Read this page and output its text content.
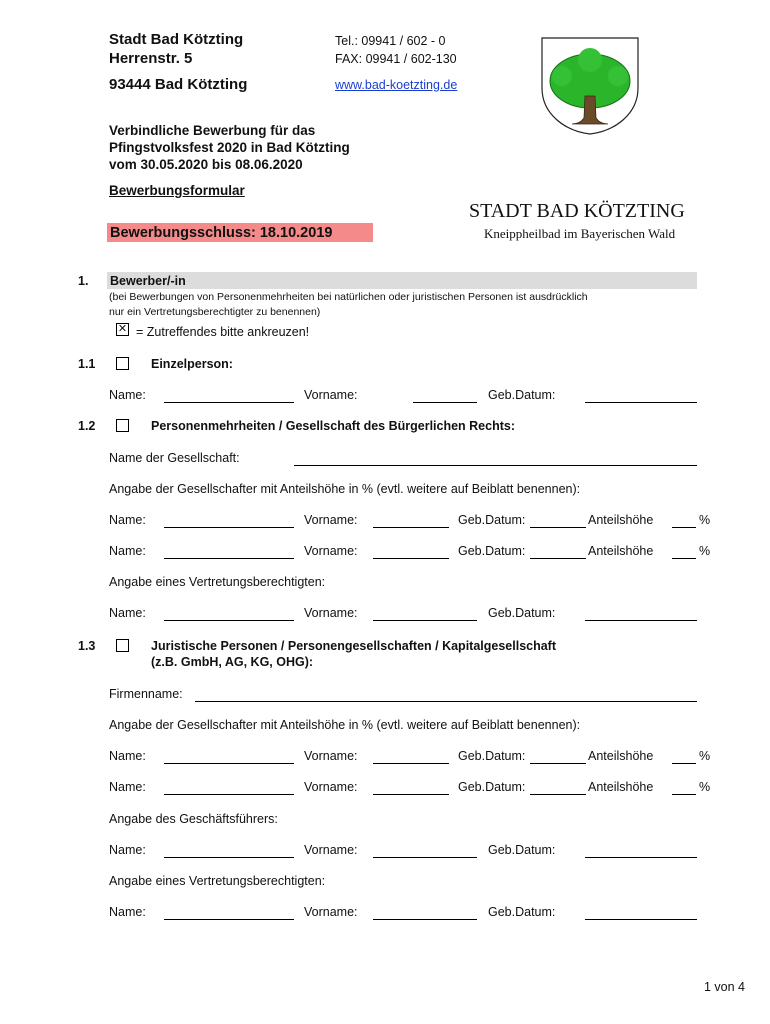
Stadt Bad Kötzting
Herrenstr. 5
93444 Bad Kötzting
Tel.: 09941 / 602 - 0
FAX: 09941 / 602-130
www.bad-koetzting.de
Verbindliche Bewerbung für das
Pfingstvolksfest 2020 in Bad Kötzting
vom 30.05.2020 bis 08.06.2020
Bewerbungsformular
Bewerbungsschluss: 18.10.2019
STADT BAD KÖTZTING
Kneippheilbad im Bayerischen Wald
1. Bewerber/-in
(bei Bewerbungen von Personenmehrheiten bei natürlichen oder juristischen Personen ist ausdrücklich
nur ein Vertretungsberechtigter zu benennen)
✕ = Zutreffendes bitte ankreuzen!
1.1	Einzelperson:
Name:	Vorname:	Geb.Datum:
1.2	Personenmehrheiten / Gesellschaft des Bürgerlichen Rechts:
Name der Gesellschaft:
Angabe der Gesellschafter mit Anteilshöhe in % (evtl. weitere auf Beiblatt benennen):
Name:	Vorname:	Geb.Datum:	Anteilshöhe	%
Name:	Vorname:	Geb.Datum:	Anteilshöhe	%
Angabe eines Vertretungsberechtigten:
Name:	Vorname:	Geb.Datum:
1.3	Juristische Personen / Personengesellschaften / Kapitalgesellschaft
(z.B. GmbH, AG, KG, OHG):
Firmenname:
Angabe der Gesellschafter mit Anteilshöhe in % (evtl. weitere auf Beiblatt benennen):
Name:	Vorname:	Geb.Datum:	Anteilshöhe	%
Name:	Vorname:	Geb.Datum:	Anteilshöhe	%
Angabe des Geschäftsführers:
Name:	Vorname:	Geb.Datum:
Angabe eines Vertretungsberechtigten:
Name:	Vorname:	Geb.Datum:
1 von 4
